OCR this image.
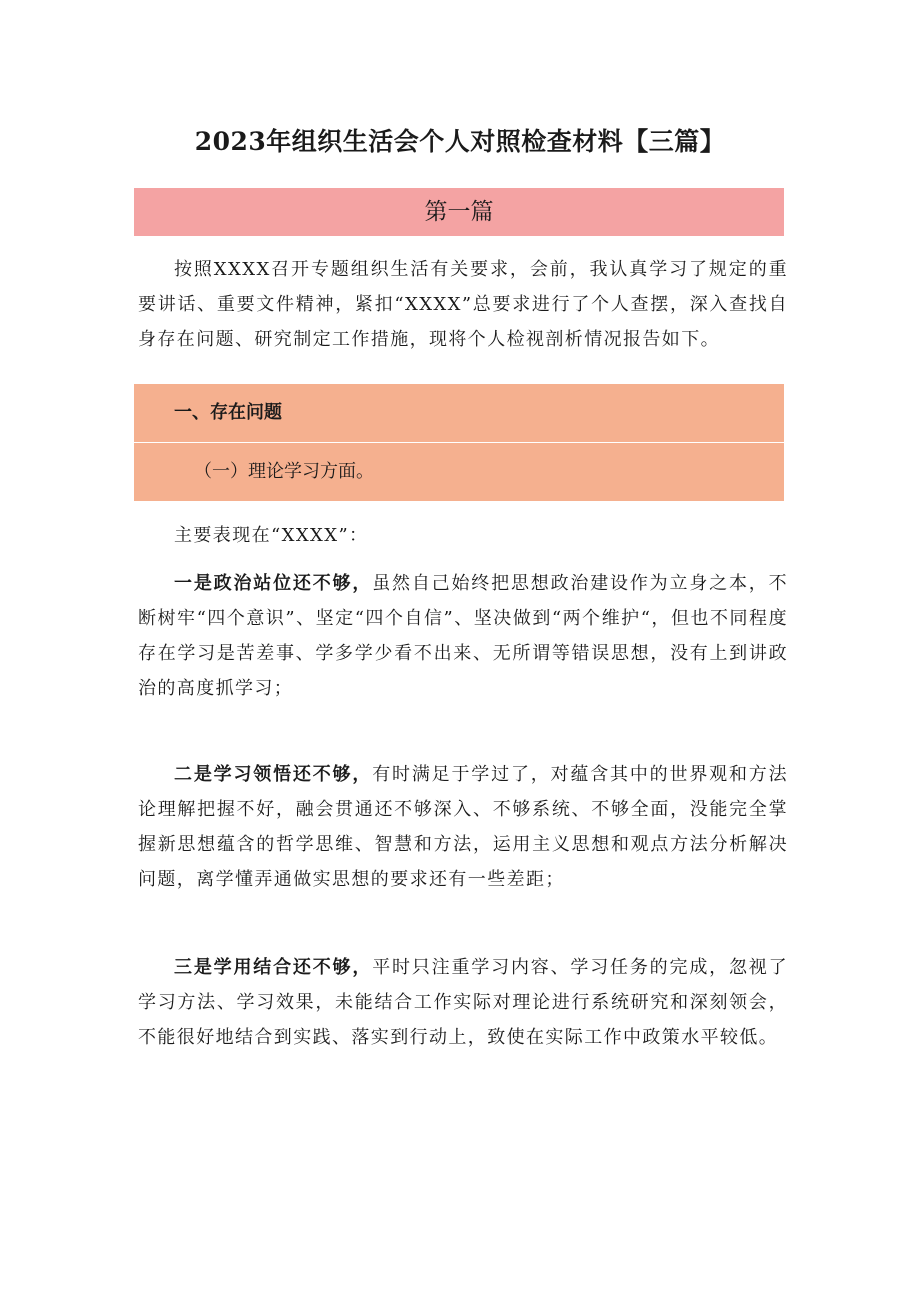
2023年组织生活会个人对照检查材料【三篇】
第一篇

按照XXXX召开专题组织生活有关要求，会前，我认真学习了规定的重要讲话、重要文件精神，紧扣“XXXX”总要求进行了个人查摆，深入查找自身存在问题、研究制定工作措施，现将个人检视剖析情况报告如下。

一、存在问题
（一）理论学习方面。

主要表现在“XXXX”：

一是政治站位还不够，虽然自己始终把思想政治建设作为立身之本，不断树牢“四个意识”、坚定“四个自信”、坚决做到“两个维护“，但也不同程度存在学习是苦差事、学多学少看不出来、无所谓等错误思想，没有上到讲政治的高度抓学习；

二是学习领悟还不够，有时满足于学过了，对蕴含其中的世界观和方法论理解把握不好，融会贯通还不够深入、不够系统、不够全面，没能完全掌握新思想蕴含的哲学思维、智慧和方法，运用主义思想和观点方法分析解决问题，离学懂弄通做实思想的要求还有一些差距；

三是学用结合还不够，平时只注重学习内容、学习任务的完成，忽视了学习方法、学习效果，未能结合工作实际对理论进行系统研究和深刻领会，不能很好地结合到实践、落实到行动上，致使在实际工作中政策水平较低。
